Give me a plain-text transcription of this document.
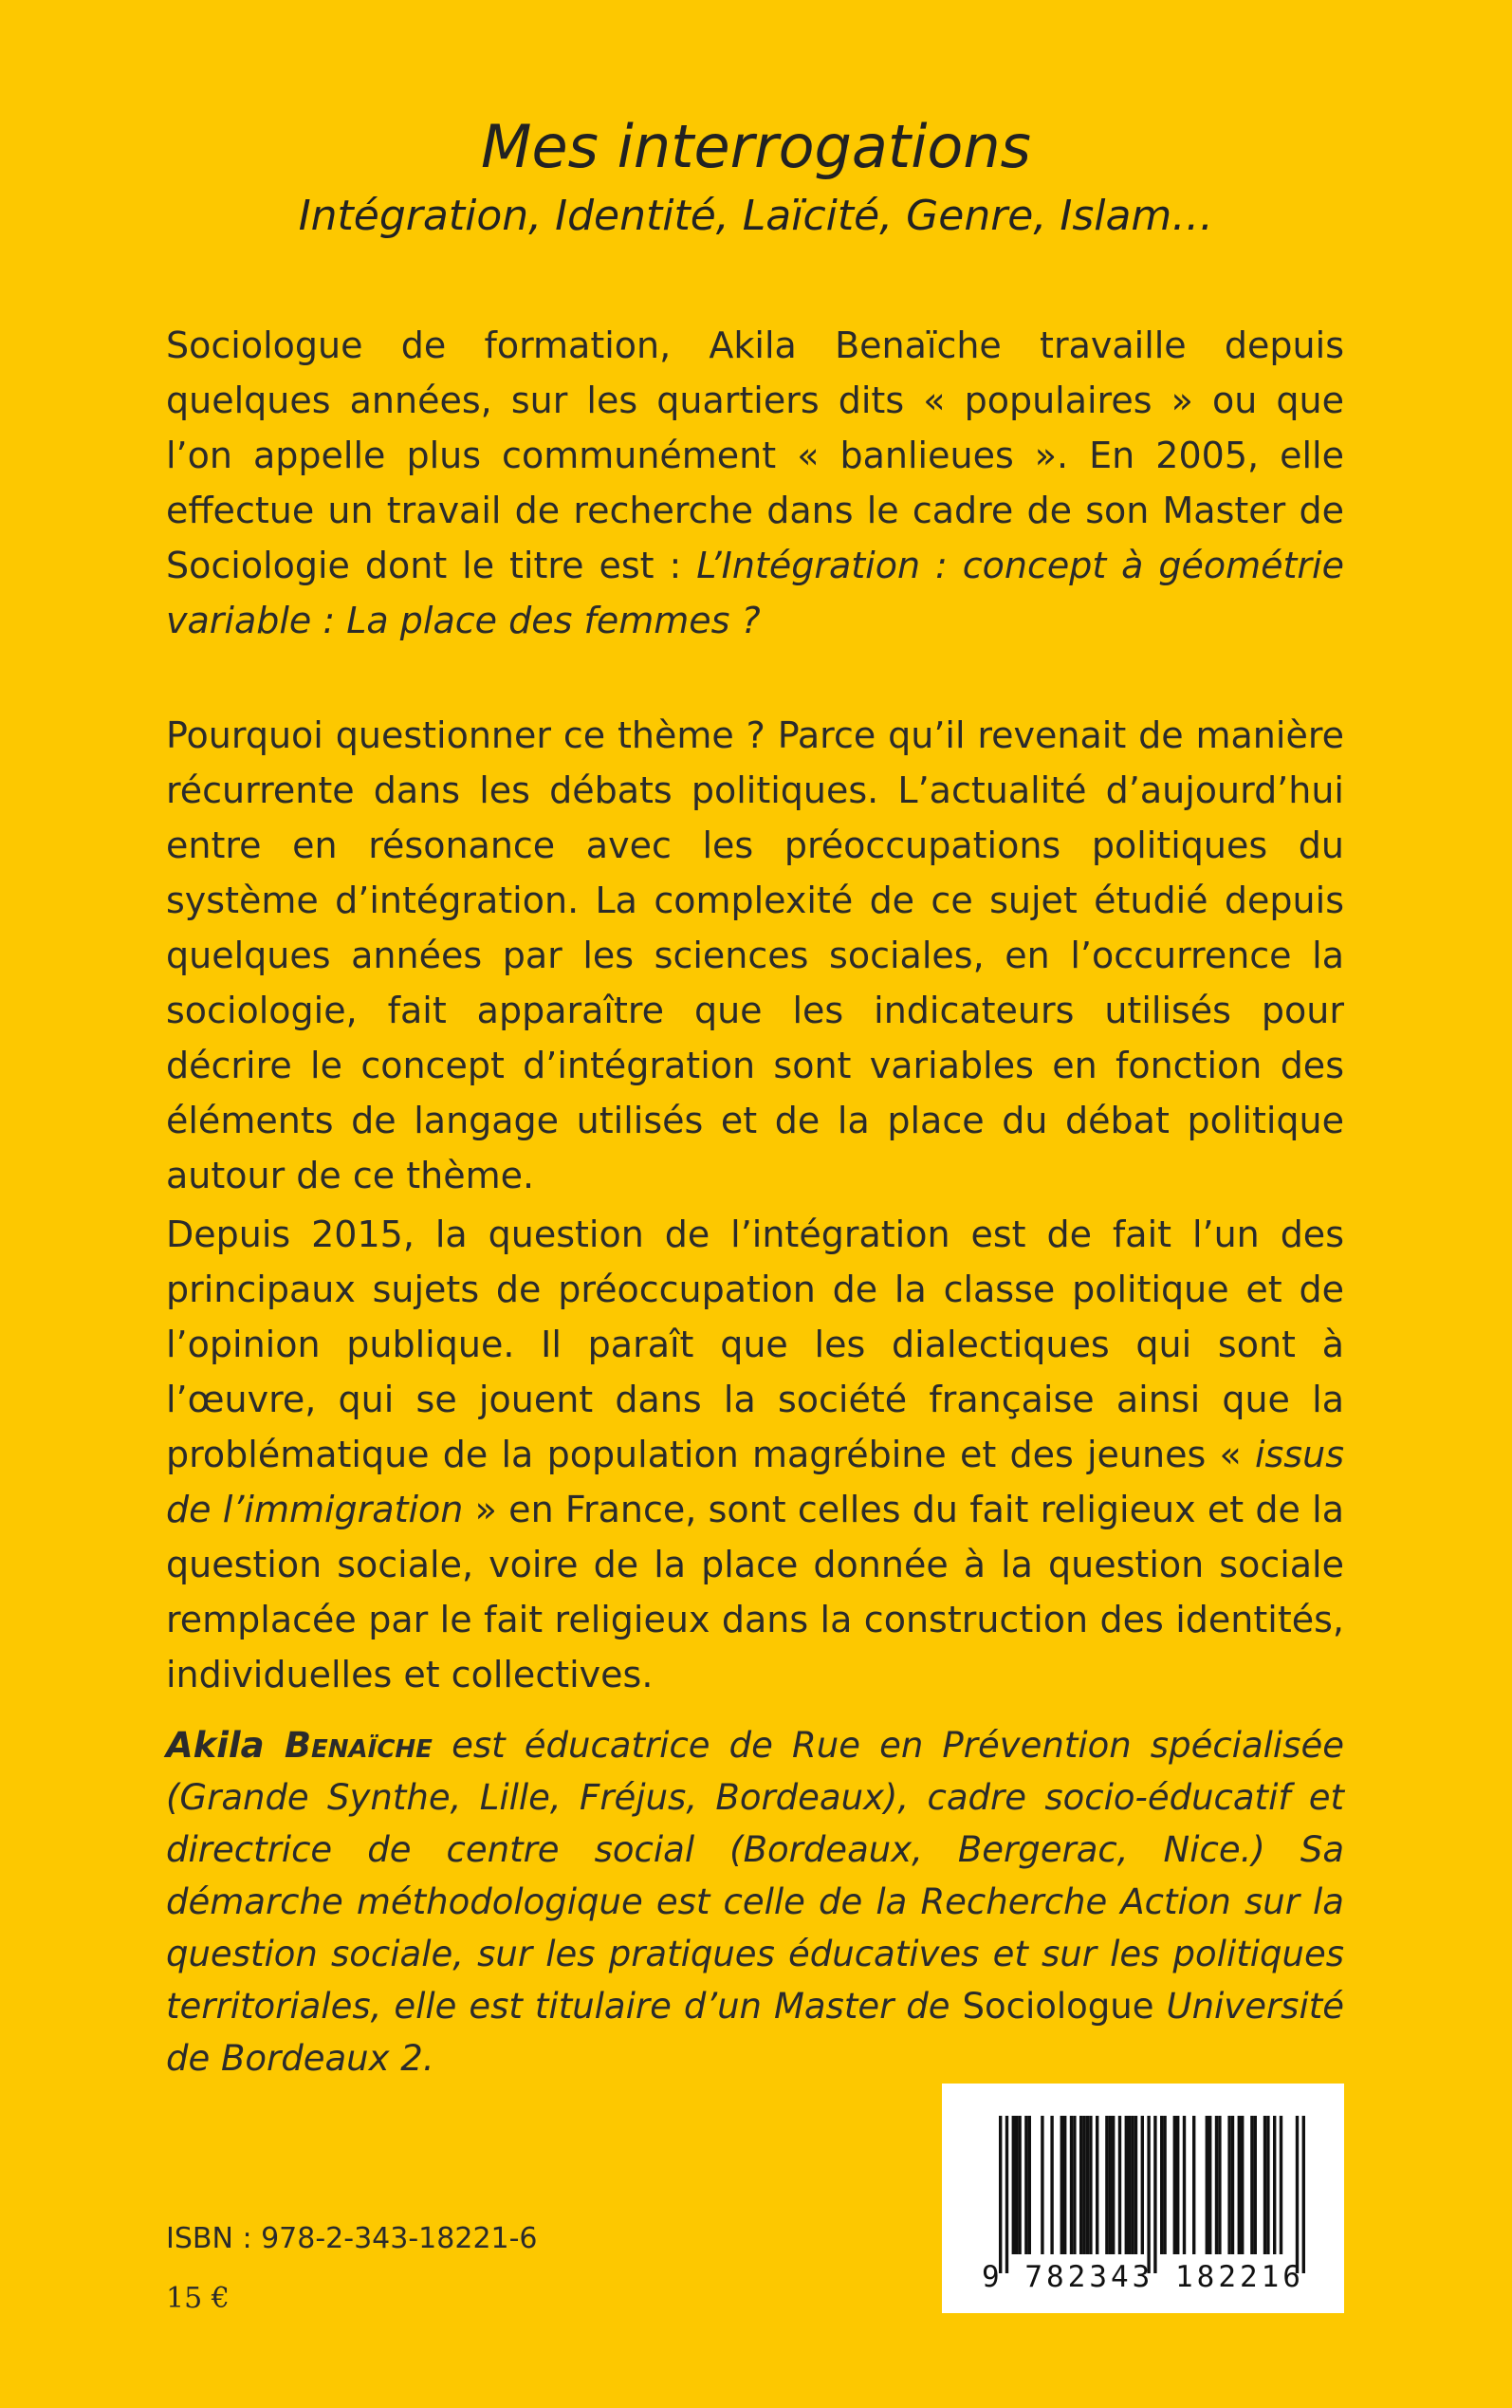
Mes interrogations
Intégration, Identité, Laïcité, Genre, Islam…

Sociologue de formation, Akila Benaïche travaille depuis quelques années, sur les quartiers dits « populaires » ou que l’on appelle plus communément « banlieues ». En 2005, elle effectue un travail de recherche dans le cadre de son Master de Sociologie dont le titre est : L’Intégration : concept à géométrie variable : La place des femmes ?

Pourquoi questionner ce thème ? Parce qu’il revenait de manière récurrente dans les débats politiques. L’actualité d’aujourd’hui entre en résonance avec les préoccupations politiques du système d’intégration. La complexité de ce sujet étudié depuis quelques années par les sciences sociales, en l’occurrence la sociologie, fait apparaître que les indicateurs utilisés pour décrire le concept d’intégration sont variables en fonction des éléments de langage utilisés et de la place du débat politique autour de ce thème.

Depuis 2015, la question de l’intégration est de fait l’un des principaux sujets de préoccupation de la classe politique et de l’opinion publique. Il paraît que les dialectiques qui sont à l’œuvre, qui se jouent dans la société française ainsi que la problématique de la population magrébine et des jeunes « issus de l’immigration » en France, sont celles du fait religieux et de la question sociale, voire de la place donnée à la question sociale remplacée par le fait religieux dans la construction des identités, individuelles et collectives.

Akila Benaïche est éducatrice de Rue en Prévention spécialisée (Grande Synthe, Lille, Fréjus, Bordeaux), cadre socio-éducatif et directrice de centre social (Bordeaux, Bergerac, Nice.) Sa démarche méthodologique est celle de la Recherche Action sur la question sociale, sur les pratiques éducatives et sur les politiques territoriales, elle est titulaire d’un Master de Sociologue Université de Bordeaux 2.

ISBN : 978-2-343-18221-6
15 €
9 782343 182216
